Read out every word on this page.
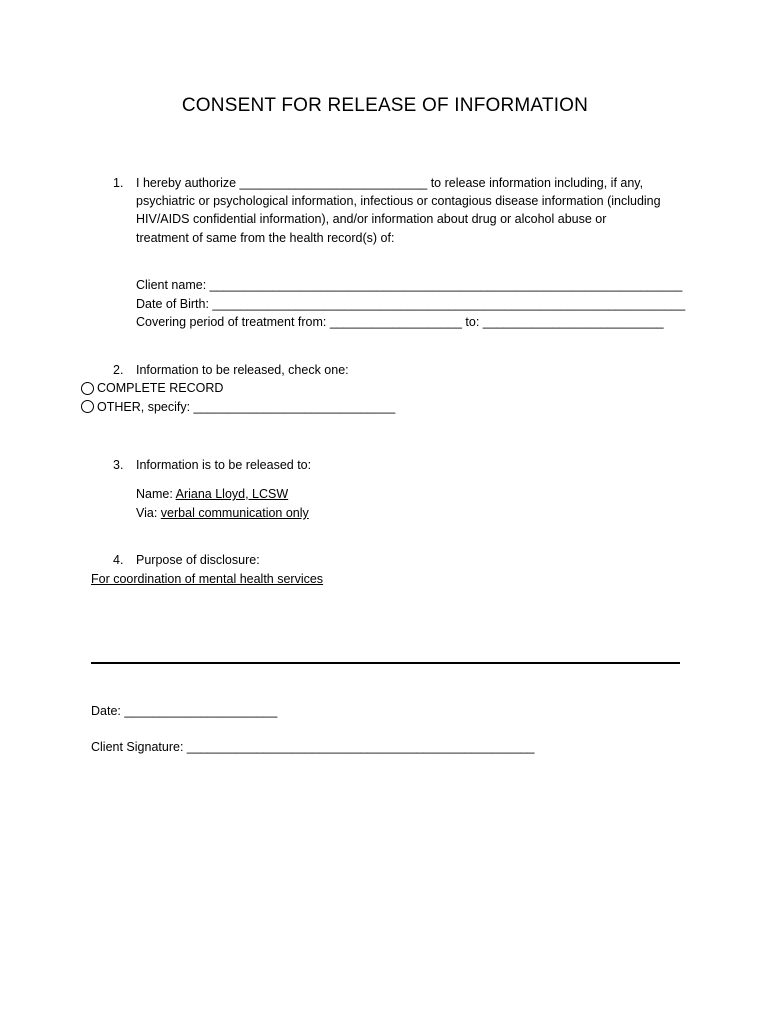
CONSENT FOR RELEASE OF INFORMATION
1. I hereby authorize ___________________________ to release information including, if any,
psychiatric or psychological information, infectious or contagious disease information (including
HIV/AIDS confidential information), and/or information about drug or alcohol abuse or
treatment of same from the health record(s) of:
Client name: ____________________________________________________________________
Date of Birth: ____________________________________________________________________
Covering period of treatment from: ___________________ to: __________________________
2. Information to be released, check one:
COMPLETE RECORD
OTHER, specify: _____________________________
3. Information is to be released to:
Name: Ariana Lloyd, LCSW
Via: verbal communication only
4. Purpose of disclosure:
For coordination of mental health services
Date: ______________________
Client Signature: __________________________________________________
